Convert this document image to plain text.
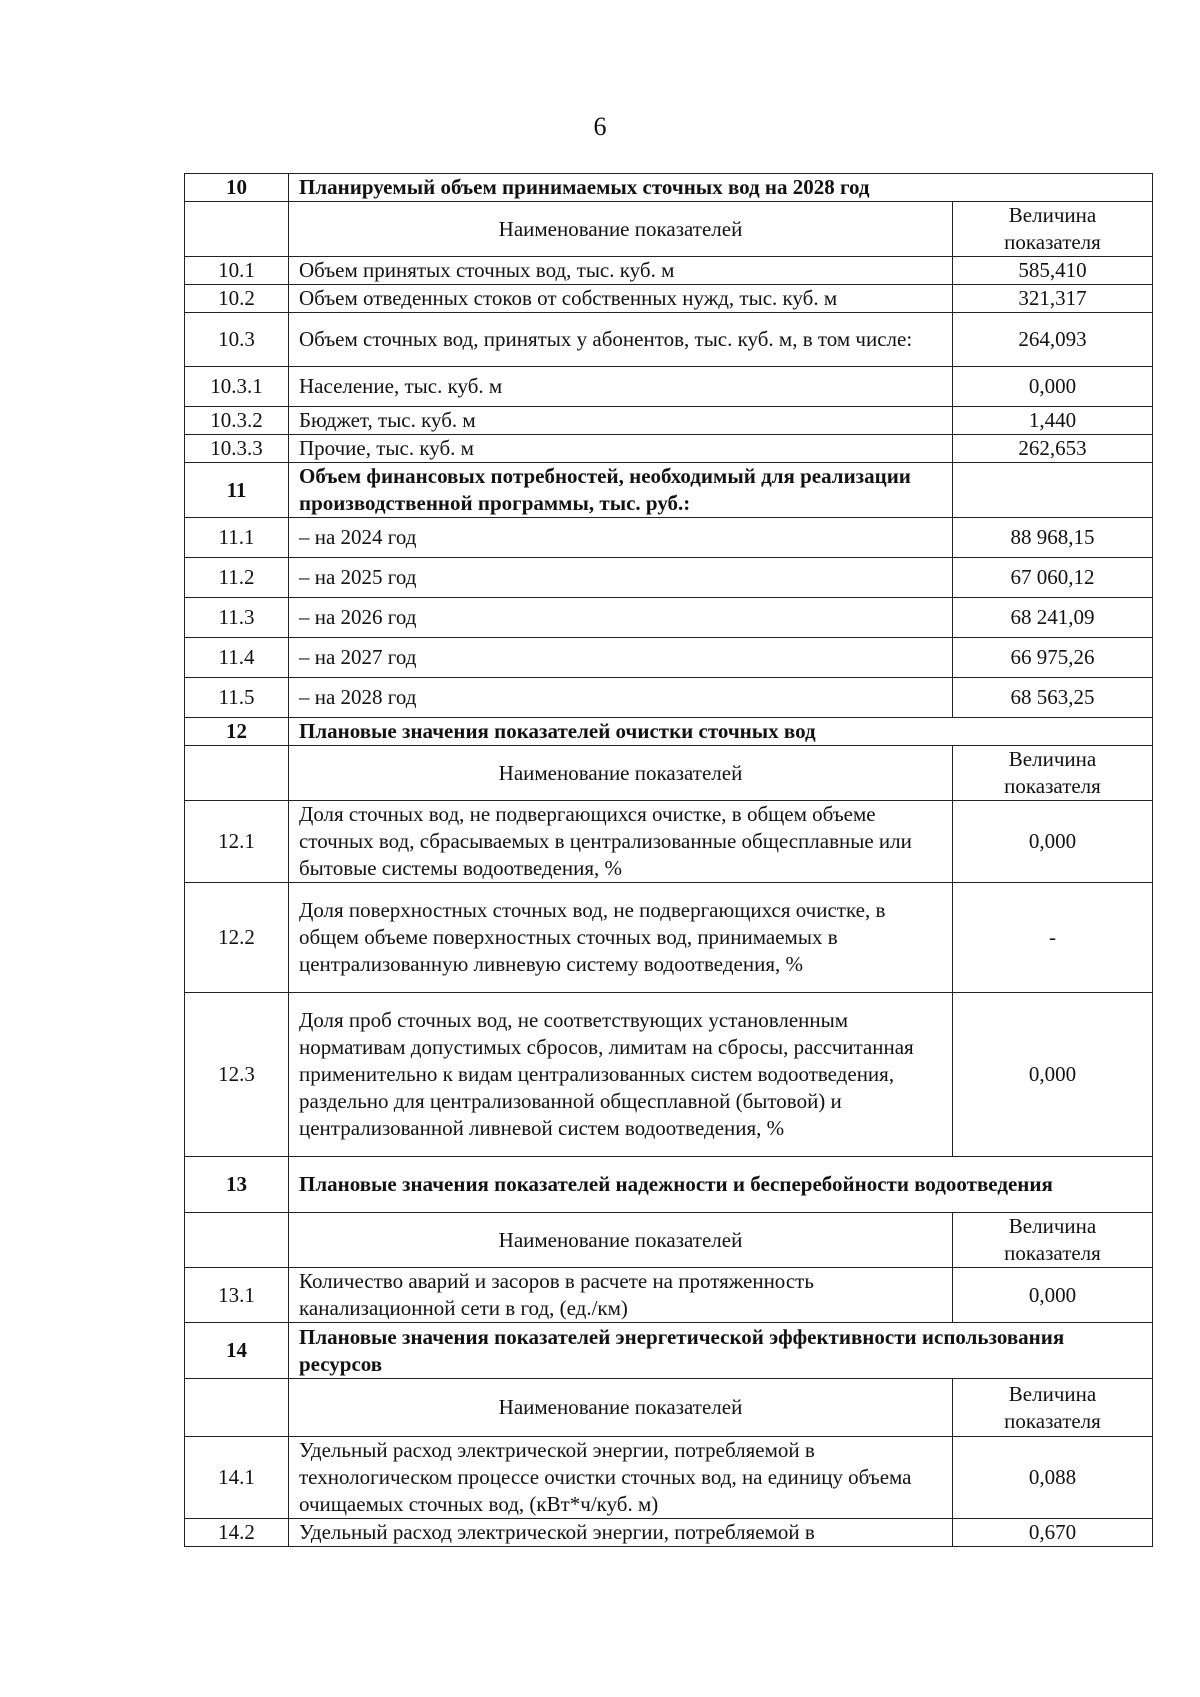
6
10	Планируемый объем принимаемых сточных вод на 2028 год	
	Наименование показателей	Величина показателя
10.1	Объем принятых сточных вод, тыс. куб. м	585,410
10.2	Объем отведенных стоков от собственных нужд, тыс. куб. м	321,317
10.3	Объем сточных вод, принятых у абонентов, тыс. куб. м, в том числе:	264,093
10.3.1	Население, тыс. куб. м	0,000
10.3.2	Бюджет, тыс. куб. м	1,440
10.3.3	Прочие, тыс. куб. м	262,653
11	Объем финансовых потребностей, необходимый для реализации производственной программы, тыс. руб.:	
11.1	– на 2024 год	88 968,15
11.2	– на 2025 год	67 060,12
11.3	– на 2026 год	68 241,09
11.4	– на 2027 год	66 975,26
11.5	– на 2028 год	68 563,25
12	Плановые значения показателей очистки сточных вод	
	Наименование показателей	Величина показателя
12.1	Доля сточных вод, не подвергающихся очистке, в общем объеме сточных вод, сбрасываемых в централизованные общесплавные или бытовые системы водоотведения, %	0,000
12.2	Доля поверхностных сточных вод, не подвергающихся очистке, в общем объеме поверхностных сточных вод, принимаемых в централизованную ливневую систему водоотведения, %	-
12.3	Доля проб сточных вод, не соответствующих установленным нормативам допустимых сбросов, лимитам на сбросы, рассчитанная применительно к видам централизованных систем водоотведения, раздельно для централизованной общесплавной (бытовой) и централизованной ливневой систем водоотведения, %	0,000
13	Плановые значения показателей надежности и бесперебойности водоотведения	
	Наименование показателей	Величина показателя
13.1	Количество аварий и засоров в расчете на протяженность канализационной сети в год, (ед./км)	0,000
14	Плановые значения показателей энергетической эффективности использования ресурсов	
	Наименование показателей	Величина показателя
14.1	Удельный расход электрической энергии, потребляемой в технологическом процессе очистки сточных вод, на единицу объема очищаемых сточных вод, (кВт*ч/куб. м)	0,088
14.2	Удельный расход электрической энергии, потребляемой в	0,670
